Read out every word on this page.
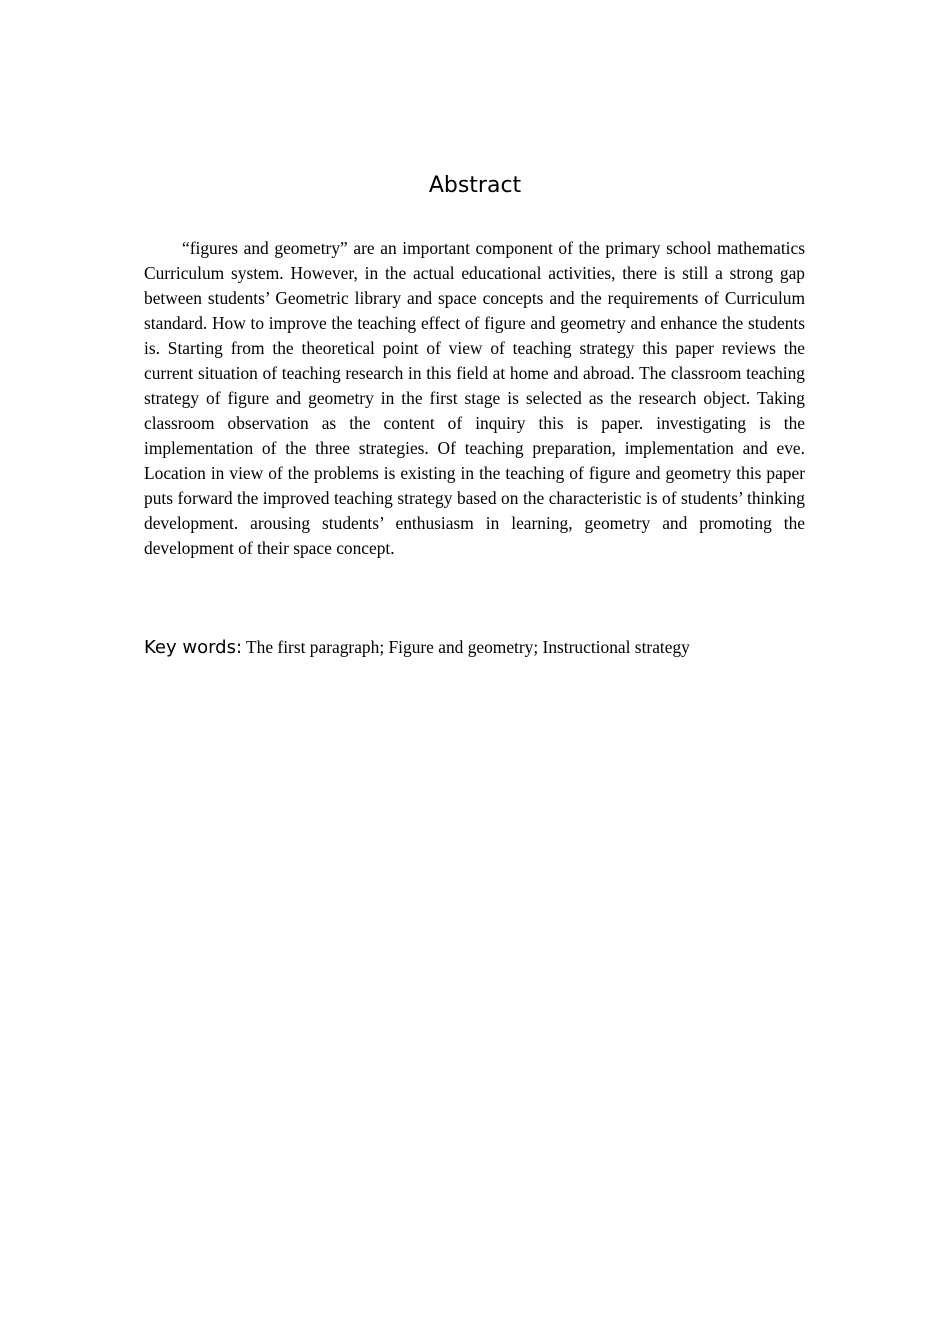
Abstract

“figures and geometry” are an important component of the primary school mathematics Curriculum system. However, in the actual educational activities, there is still a strong gap between students’ Geometric library and space concepts and the requirements of Curriculum standard. How to improve the teaching effect of figure and geometry and enhance the students is. Starting from the theoretical point of view of teaching strategy this paper reviews the current situation of teaching research in this field at home and abroad. The classroom teaching strategy of figure and geometry in the first stage is selected as the research object. Taking classroom observation as the content of inquiry this is paper. investigating is the implementation of the three strategies. Of teaching preparation, implementation and eve. Location in view of the problems is existing in the teaching of figure and geometry this paper puts forward the improved teaching strategy based on the characteristic is of students’ thinking development. arousing students’ enthusiasm in learning, geometry and promoting the development of their space concept.

Key words: The first paragraph; Figure and geometry; Instructional strategy
